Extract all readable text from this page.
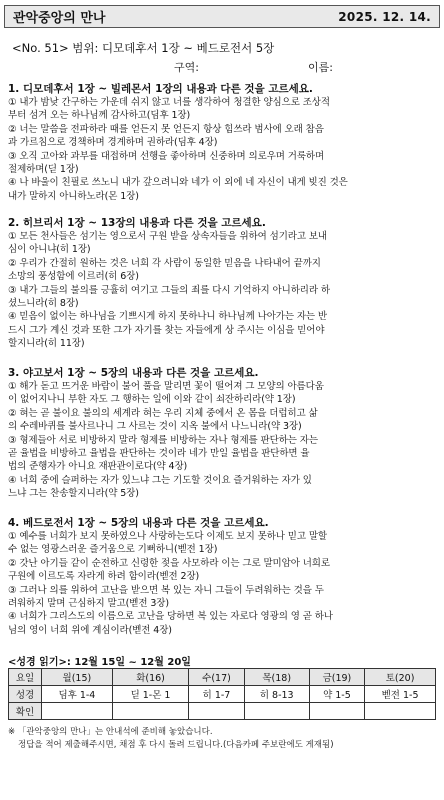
관악중앙의 만나	2025. 12. 14.
<No. 51> 범위: 디모데후서 1장 ~ 베드로전서 5장
구역:	이름:
1. 디모데후서 1장 ~ 빌레몬서 1장의 내용과 다른 것을 고르세요.

① 내가 밤낮 간구하는 가운데 쉬지 않고 너를 생각하여 청결한 양심으로 조상적

부터 섬겨 오는 하나님께 감사하고(딤후 1장)

② 너는 말씀을 전파하라 때를 얻든지 못 얻든지 항상 힘쓰라 범사에 오래 참음

과 가르침으로 경책하며 경계하며 권하라(딤후 4장)

③ 오직 고아와 과부를 대접하며 선행을 좋아하며 신중하며 의로우며 거룩하며

절제하며(딛 1장)

④ 나 바울이 친필로 쓰노니 내가 갚으려니와 네가 이 외에 네 자신이 내게 빚진 것은

내가 말하지 아니하노라(몬 1장)

2. 히브리서 1장 ~ 13장의 내용과 다른 것을 고르세요.

① 모든 천사들은 섬기는 영으로서 구원 받을 상속자들을 위하여 섬기라고 보내

심이 아니냐(히 1장)

② 우리가 간절히 원하는 것은 너희 각 사람이 동일한 믿음을 나타내어 끝까지

소망의 풍성함에 이르러(히 6장)

③ 내가 그들의 불의를 긍휼히 여기고 그들의 죄를 다시 기억하지 아니하리라 하

셨느니라(히 8장)

④ 믿음이 없이는 하나님을 기쁘시게 하지 못하나니 하나님께 나아가는 자는 반

드시 그가 계신 것과 또한 그가 자기를 찾는 자들에게 상 주시는 이심을 믿어야

할지니라(히 11장)

3. 야고보서 1장 ~ 5장의 내용과 다른 것을 고르세요.

① 해가 돋고 뜨거운 바람이 불어 풀을 말리면 꽃이 떨어져 그 모양의 아름다움

이 없어지나니 부한 자도 그 행하는 일에 이와 같이 쇠잔하리라(약 1장)

② 혀는 곧 불이요 불의의 세계라 혀는 우리 지체 중에서 온 몸을 더럽히고 삶

의 수레바퀴를 불사르나니 그 사르는 것이 지옥 불에서 나느니라(약 3장)

③ 형제들아 서로 비방하지 말라 형제를 비방하는 자나 형제를 판단하는 자는

곧 율법을 비방하고 율법을 판단하는 것이라 네가 만일 율법을 판단하면 율

법의 준행자가 아니요 재판관이로다(약 4장)

④ 너희 중에 슬퍼하는 자가 있느냐 그는 기도할 것이요 즐거워하는 자가 있

느냐 그는 찬송할지니라(약 5장)

4. 베드로전서 1장 ~ 5장의 내용과 다른 것을 고르세요.

① 예수를 너희가 보지 못하였으나 사랑하는도다 이제도 보지 못하나 믿고 말할

수 없는 영광스러운 즐거움으로 기뻐하니(벧전 1장)

② 갓난 아기들 같이 순전하고 신령한 젖을 사모하라 이는 그로 말미암아 너희로

구원에 이르도록 자라게 하려 함이라(벧전 2장)

③ 그러나 의를 위하여 고난을 받으면 복 있는 자니 그들이 두려워하는 것을 두

려워하지 말며 근심하지 말고(벧전 3장)

④ 너희가 그리스도의 이름으로 고난을 당하면 복 있는 자로다 영광의 영 곧 하나

님의 영이 너희 위에 계심이라(벧전 4장)

<성경 읽기>: 12월 15일 ~ 12월 20일
요일	월(15)	화(16)	수(17)	목(18)	금(19)	토(20)
성경	딤후 1-4	딛 1-몬 1	히 1-7	히 8-13	약 1-5	벧전 1-5
확인						
※ 「관악중앙의 만나」는 안내석에 준비해 놓았습니다.
정답을 적어 제출해주시면, 채점 후 다시 돌려 드립니다.(다음카페 주보란에도 게재됨)
